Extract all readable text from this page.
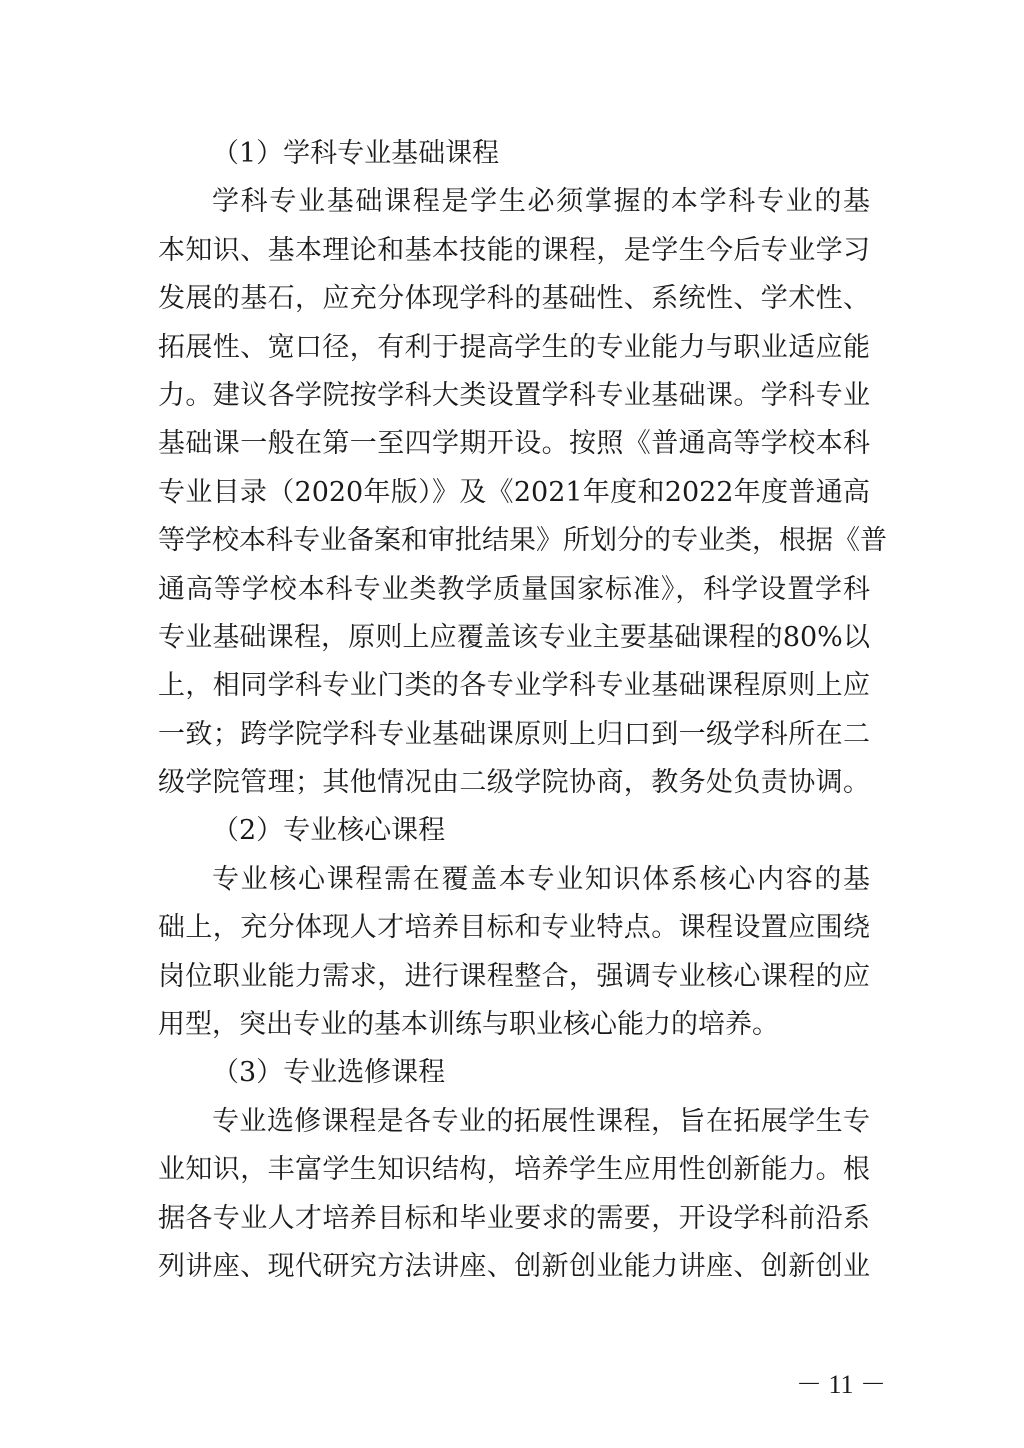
（1）学科专业基础课程
学科专业基础课程是学生必须掌握的本学科专业的基
本知识、基本理论和基本技能的课程，是学生今后专业学习
发展的基石，应充分体现学科的基础性、系统性、学术性、
拓展性、宽口径，有利于提高学生的专业能力与职业适应能
力。建议各学院按学科大类设置学科专业基础课。学科专业
基础课一般在第一至四学期开设。按照《普通高等学校本科
专业目录（2020年版）》及《2021年度和2022年度普通高
等学校本科专业备案和审批结果》所划分的专业类，根据《普
通高等学校本科专业类教学质量国家标准》，科学设置学科
专业基础课程，原则上应覆盖该专业主要基础课程的80%以
上，相同学科专业门类的各专业学科专业基础课程原则上应
一致；跨学院学科专业基础课原则上归口到一级学科所在二
级学院管理；其他情况由二级学院协商，教务处负责协调。
（2）专业核心课程
专业核心课程需在覆盖本专业知识体系核心内容的基
础上，充分体现人才培养目标和专业特点。课程设置应围绕
岗位职业能力需求，进行课程整合，强调专业核心课程的应
用型，突出专业的基本训练与职业核心能力的培养。
（3）专业选修课程
专业选修课程是各专业的拓展性课程，旨在拓展学生专
业知识，丰富学生知识结构，培养学生应用性创新能力。根
据各专业人才培养目标和毕业要求的需要，开设学科前沿系
列讲座、现代研究方法讲座、创新创业能力讲座、创新创业
－ 11 －
